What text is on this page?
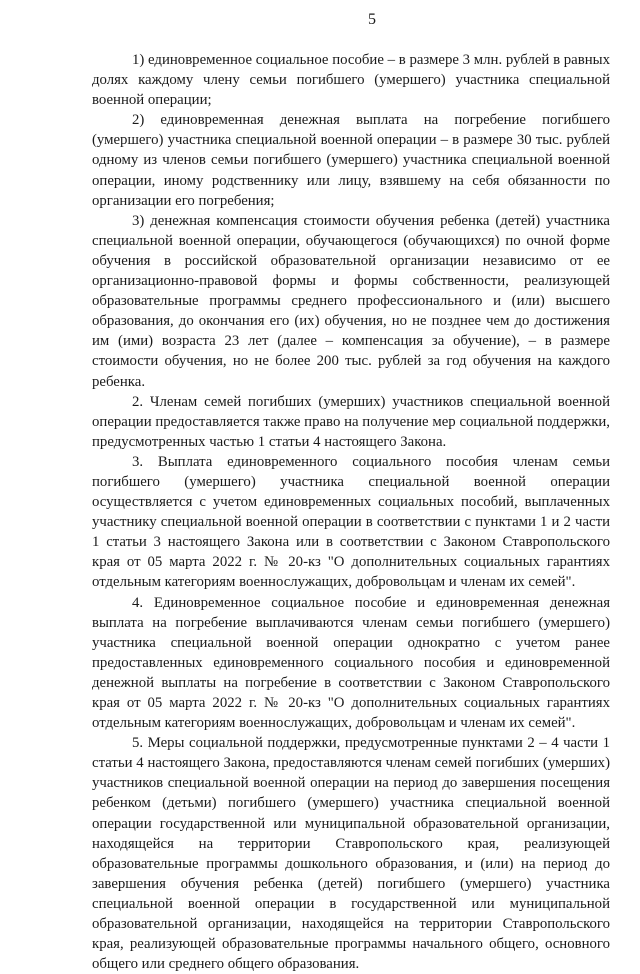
5

1) единовременное социальное пособие – в размере 3 млн. рублей в равных долях каждому члену семьи погибшего (умершего) участника специальной военной операции;

2) единовременная денежная выплата на погребение погибшего (умершего) участника специальной военной операции – в размере 30 тыс. рублей одному из членов семьи погибшего (умершего) участника специальной военной операции, иному родственнику или лицу, взявшему на себя обязанности по организации его погребения;

3) денежная компенсация стоимости обучения ребенка (детей) участника специальной военной операции, обучающегося (обучающихся) по очной форме обучения в российской образовательной организации независимо от ее организационно-правовой формы и формы собственности, реализующей образовательные программы среднего профессионального и (или) высшего образования, до окончания его (их) обучения, но не позднее чем до достижения им (ими) возраста 23 лет (далее – компенсация за обучение), – в размере стоимости обучения, но не более 200 тыс. рублей за год обучения на каждого ребенка.

2. Членам семей погибших (умерших) участников специальной военной операции предоставляется также право на получение мер социальной поддержки, предусмотренных частью 1 статьи 4 настоящего Закона.

3. Выплата единовременного социального пособия членам семьи погибшего (умершего) участника специальной военной операции осуществляется с учетом единовременных социальных пособий, выплаченных участнику специальной военной операции в соответствии с пунктами 1 и 2 части 1 статьи 3 настоящего Закона или в соответствии с Законом Ставропольского края от 05 марта 2022 г. № 20-кз "О дополнительных социальных гарантиях отдельным категориям военнослужащих, добровольцам и членам их семей".

4. Единовременное социальное пособие и единовременная денежная выплата на погребение выплачиваются членам семьи погибшего (умершего) участника специальной военной операции однократно с учетом ранее предоставленных единовременного социального пособия и единовременной денежной выплаты на погребение в соответствии с Законом Ставропольского края от 05 марта 2022 г. № 20-кз "О дополнительных социальных гарантиях отдельным категориям военнослужащих, добровольцам и членам их семей".

5. Меры социальной поддержки, предусмотренные пунктами 2 – 4 части 1 статьи 4 настоящего Закона, предоставляются членам семей погибших (умерших) участников специальной военной операции на период до завершения посещения ребенком (детьми) погибшего (умершего) участника специальной военной операции государственной или муниципальной образовательной организации, находящейся на территории Ставропольского края, реализующей образовательные программы дошкольного образования, и (или) на период до завершения обучения ребенка (детей) погибшего (умершего) участника специальной военной операции в государственной или муниципальной образовательной организации, находящейся на территории Ставропольского края, реализующей образовательные программы начального общего, основного общего или среднего общего образования.
